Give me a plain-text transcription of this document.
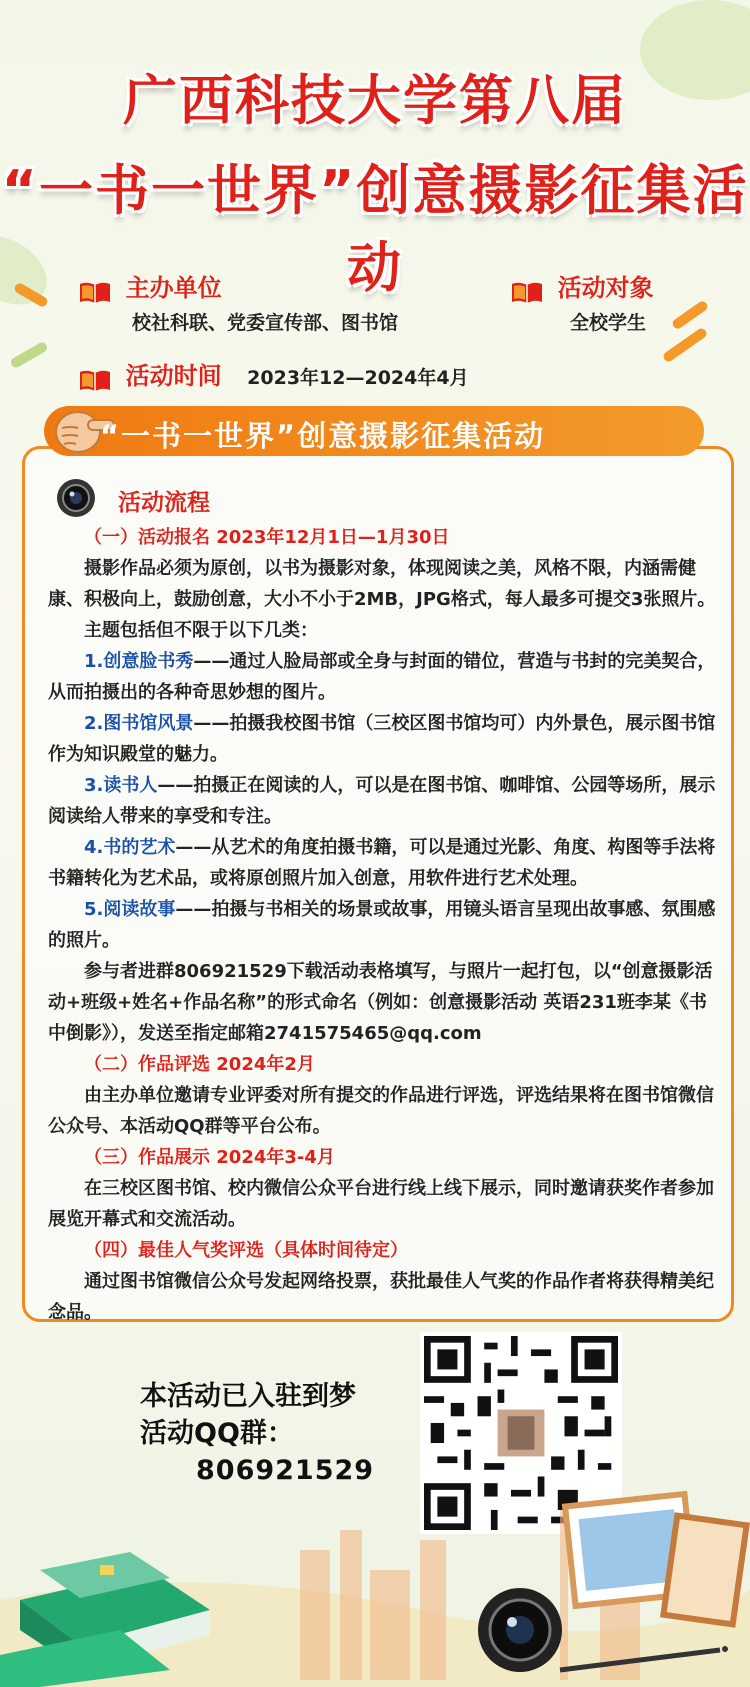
广西科技大学第八届
“一书一世界”创意摄影征集活动
主办单位
校社科联、党委宣传部、图书馆
活动对象
全校学生
活动时间 2023年12—2024年4月
“一书一世界”创意摄影征集活动
活动流程

（一）活动报名 2023年12月1日—1月30日

摄影作品必须为原创，以书为摄影对象，体现阅读之美，风格不限，内涵需健康、积极向上，鼓励创意，大小不小于2MB，JPG格式，每人最多可提交3张照片。

主题包括但不限于以下几类：

1.创意脸书秀——通过人脸局部或全身与封面的错位，营造与书封的完美契合，从而拍摄出的各种奇思妙想的图片。

2.图书馆风景——拍摄我校图书馆（三校区图书馆均可）内外景色，展示图书馆作为知识殿堂的魅力。

3.读书人——拍摄正在阅读的人，可以是在图书馆、咖啡馆、公园等场所，展示阅读给人带来的享受和专注。

4.书的艺术——从艺术的角度拍摄书籍，可以是通过光影、角度、构图等手法将书籍转化为艺术品，或将原创照片加入创意，用软件进行艺术处理。

5.阅读故事——拍摄与书相关的场景或故事，用镜头语言呈现出故事感、氛围感的照片。

参与者进群806921529下载活动表格填写，与照片一起打包，以“创意摄影活动+班级+姓名+作品名称”的形式命名（例如：创意摄影活动 英语231班李某《书中倒影》），发送至指定邮箱2741575465@qq.com

（二）作品评选 2024年2月

由主办单位邀请专业评委对所有提交的作品进行评选，评选结果将在图书馆微信公众号、本活动QQ群等平台公布。

（三）作品展示 2024年3-4月

在三校区图书馆、校内微信公众平台进行线上线下展示，同时邀请获奖作者参加展览开幕式和交流活动。

（四）最佳人气奖评选（具体时间待定）

通过图书馆微信公众号发起网络投票，获批最佳人气奖的作品作者将获得精美纪念品。

本活动已入驻到梦
活动QQ群：
806921529
